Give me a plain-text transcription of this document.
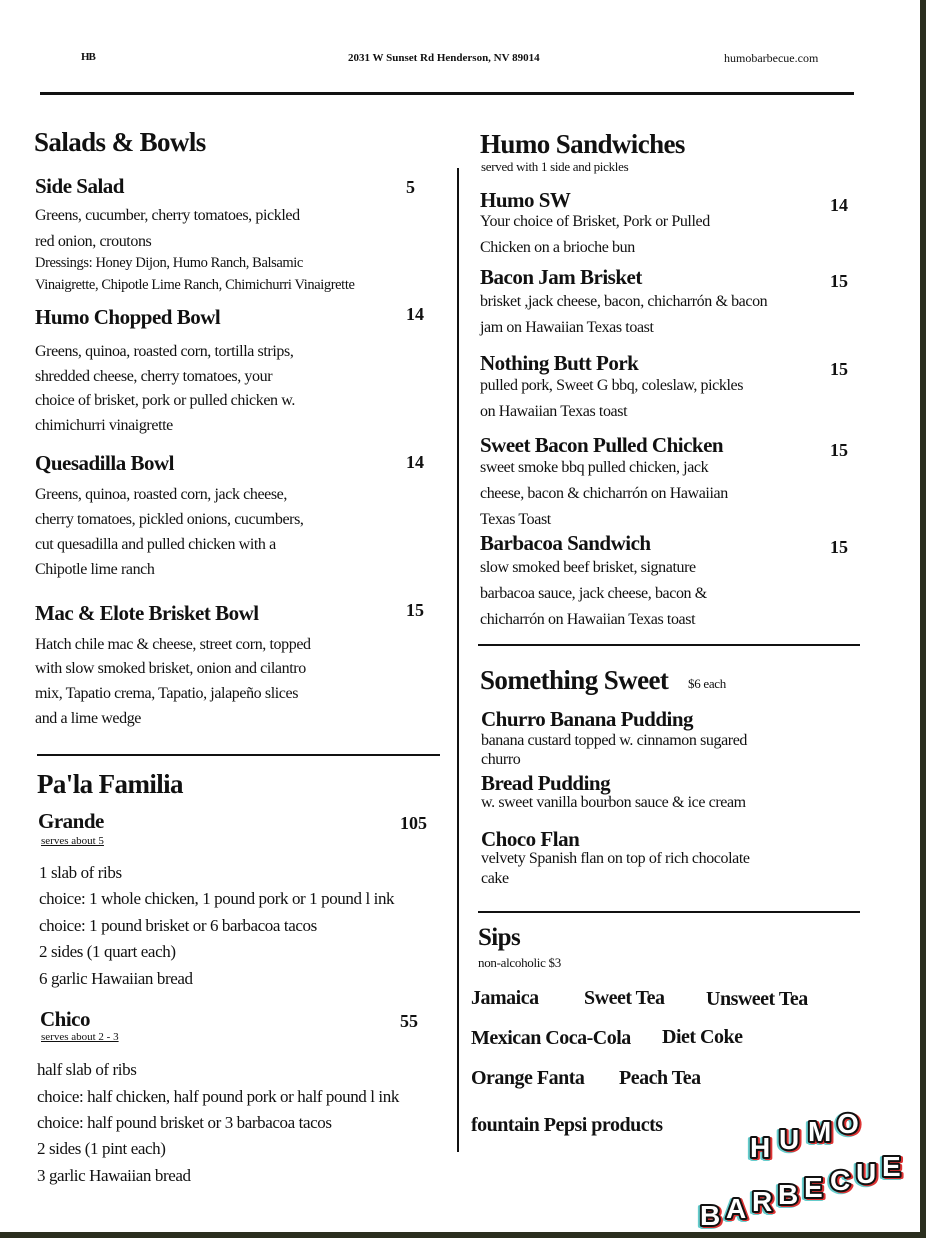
HB	2031 W Sunset Rd Henderson, NV 89014	humobarbecue.com
Salads & Bowls
Side Salad	5
Greens, cucumber, cherry tomatoes, pickled
red onion, croutons
Dressings: Honey Dijon, Humo Ranch, Balsamic
Vinaigrette, Chipotle Lime Ranch, Chimichurri Vinaigrette
Humo Chopped Bowl	14
Greens, quinoa, roasted corn, tortilla strips,
shredded cheese, cherry tomatoes, your
choice of brisket, pork or pulled chicken w.
chimichurri vinaigrette
Quesadilla Bowl	14
Greens, quinoa, roasted corn, jack cheese,
cherry tomatoes, pickled onions, cucumbers,
cut quesadilla and pulled chicken with a
Chipotle lime ranch
Mac & Elote Brisket Bowl	15
Hatch chile mac & cheese, street corn, topped
with slow smoked brisket, onion and cilantro
mix, Tapatio crema, Tapatio, jalapeño slices
and a lime wedge
Pa'la Familia
Grande	105
serves about 5
1 slab of ribs
choice: 1 whole chicken, 1 pound pork or 1 pound l ink
choice: 1 pound brisket or 6 barbacoa tacos
2 sides (1 quart each)
6 garlic Hawaiian bread
Chico	55
serves about 2 - 3
half slab of ribs
choice: half chicken, half pound pork or half pound l ink
choice: half pound brisket or 3 barbacoa tacos
2 sides (1 pint each)
3 garlic Hawaiian bread
Humo Sandwiches
served with 1 side and pickles
Humo SW	14
Your choice of Brisket, Pork or Pulled
Chicken on a brioche bun
Bacon Jam Brisket	15
brisket ,jack cheese, bacon, chicharrón & bacon
jam on Hawaiian Texas toast
Nothing Butt Pork	15
pulled pork, Sweet G bbq, coleslaw, pickles
on Hawaiian Texas toast
Sweet Bacon Pulled Chicken	15
sweet smoke bbq pulled chicken, jack
cheese, bacon & chicharrón on Hawaiian
Texas Toast
Barbacoa Sandwich	15
slow smoked beef brisket, signature
barbacoa sauce, jack cheese, bacon &
chicharrón on Hawaiian Texas toast
Something Sweet $6 each
Churro Banana Pudding
banana custard topped w. cinnamon sugared
churro
Bread Pudding
w. sweet vanilla bourbon sauce & ice cream
Choco Flan
velvety Spanish flan on top of rich chocolate
cake
Sips
non-alcoholic $3
Jamaica Sweet Tea Unsweet Tea
Mexican Coca-Cola Diet Coke
Orange Fanta Peach Tea
fountain Pepsi products
H U M O
B A R B E C U E
